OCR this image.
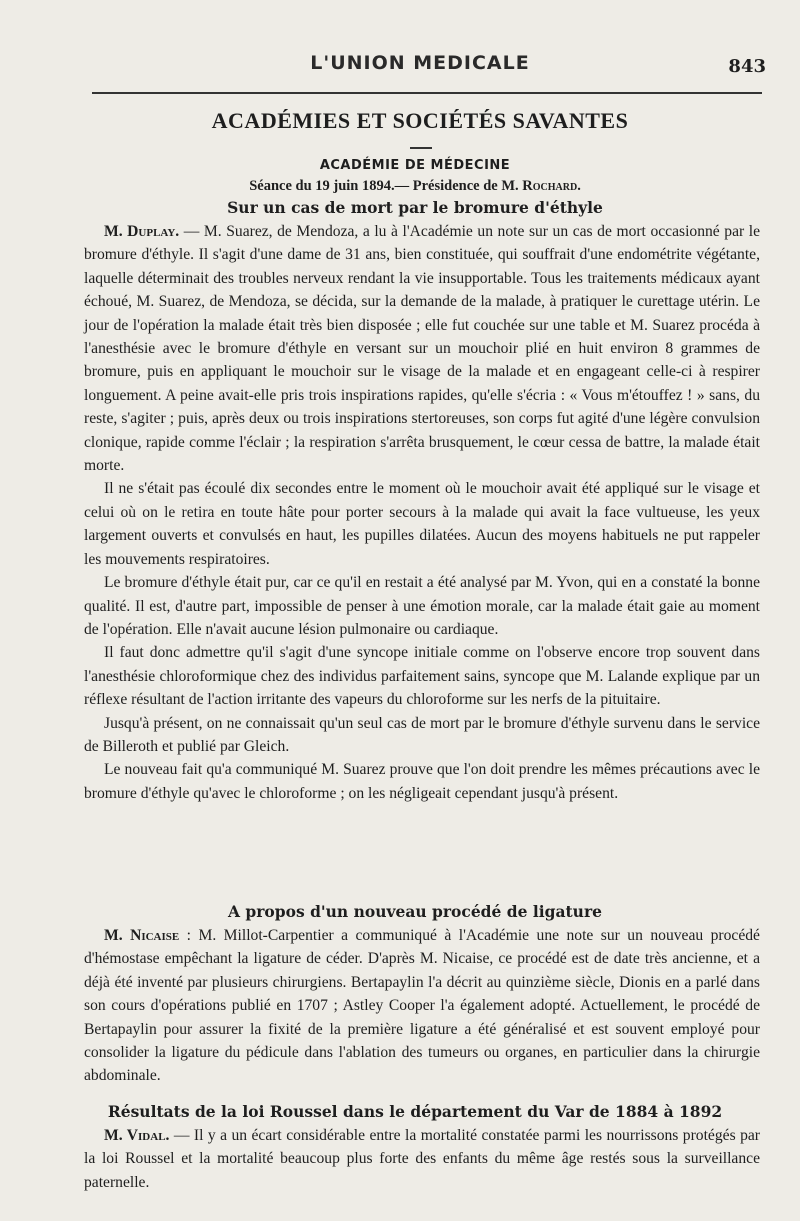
L'UNION MEDICALE	843
ACADÉMIES ET SOCIÉTÉS SAVANTES
ACADÉMIE DE MÉDECINE
Séance du 19 juin 1894.— Présidence de M. Rochard.
Sur un cas de mort par le bromure d'éthyle

M. Duplay. — M. Suarez, de Mendoza, a lu à l'Académie un note sur un cas de mort occasionné par le bromure d'éthyle. Il s'agit d'une dame de 31 ans, bien constituée, qui souffrait d'une endométrite végétante, laquelle déterminait des troubles nerveux rendant la vie insupportable. Tous les traitements médicaux ayant échoué, M. Suarez, de Mendoza, se décida, sur la demande de la malade, à pratiquer le curettage utérin. Le jour de l'opération la malade était très bien disposée ; elle fut couchée sur une table et M. Suarez procéda à l'anesthésie avec le bromure d'éthyle en versant sur un mouchoir plié en huit environ 8 grammes de bromure, puis en appliquant le mouchoir sur le visage de la malade et en engageant celle-ci à respirer longuement. A peine avait-elle pris trois inspirations rapides, qu'elle s'écria : « Vous m'étouffez ! » sans, du reste, s'agiter ; puis, après deux ou trois inspirations stertoreuses, son corps fut agité d'une légère convulsion clonique, rapide comme l'éclair ; la respiration s'arrêta brusquement, le cœur cessa de battre, la malade était morte.

Il ne s'était pas écoulé dix secondes entre le moment où le mouchoir avait été appliqué sur le visage et celui où on le retira en toute hâte pour porter secours à la malade qui avait la face vultueuse, les yeux largement ouverts et convulsés en haut, les pupilles dilatées. Aucun des moyens habituels ne put rappeler les mouvements respiratoires.

Le bromure d'éthyle était pur, car ce qu'il en restait a été analysé par M. Yvon, qui en a constaté la bonne qualité. Il est, d'autre part, impossible de penser à une émotion morale, car la malade était gaie au moment de l'opération. Elle n'avait aucune lésion pulmonaire ou cardiaque.

Il faut donc admettre qu'il s'agit d'une syncope initiale comme on l'observe encore trop souvent dans l'anesthésie chloroformique chez des individus parfaitement sains, syncope que M. Lalande explique par un réflexe résultant de l'action irritante des vapeurs du chloroforme sur les nerfs de la pituitaire.

Jusqu'à présent, on ne connaissait qu'un seul cas de mort par le bromure d'éthyle survenu dans le service de Billeroth et publié par Gleich.

Le nouveau fait qu'a communiqué M. Suarez prouve que l'on doit prendre les mêmes précautions avec le bromure d'éthyle qu'avec le chloroforme ; on les négligeait cependant jusqu'à présent.

A propos d'un nouveau procédé de ligature

M. Nicaise : M. Millot-Carpentier a communiqué à l'Académie une note sur un nouveau procédé d'hémostase empêchant la ligature de céder. D'après M. Nicaise, ce procédé est de date très ancienne, et a déjà été inventé par plusieurs chirurgiens. Bertapaylin l'a décrit au quinzième siècle, Dionis en a parlé dans son cours d'opérations publié en 1707 ; Astley Cooper l'a également adopté. Actuellement, le procédé de Bertapaylin pour assurer la fixité de la première ligature a été généralisé et est souvent employé pour consolider la ligature du pédicule dans l'ablation des tumeurs ou organes, en particulier dans la chirurgie abdominale.

Résultats de la loi Roussel dans le département du Var de 1884 à 1892

M. Vidal. — Il y a un écart considérable entre la mortalité constatée parmi les nourrissons protégés par la loi Roussel et la mortalité beaucoup plus forte des enfants du même âge restés sous la surveillance paternelle.
